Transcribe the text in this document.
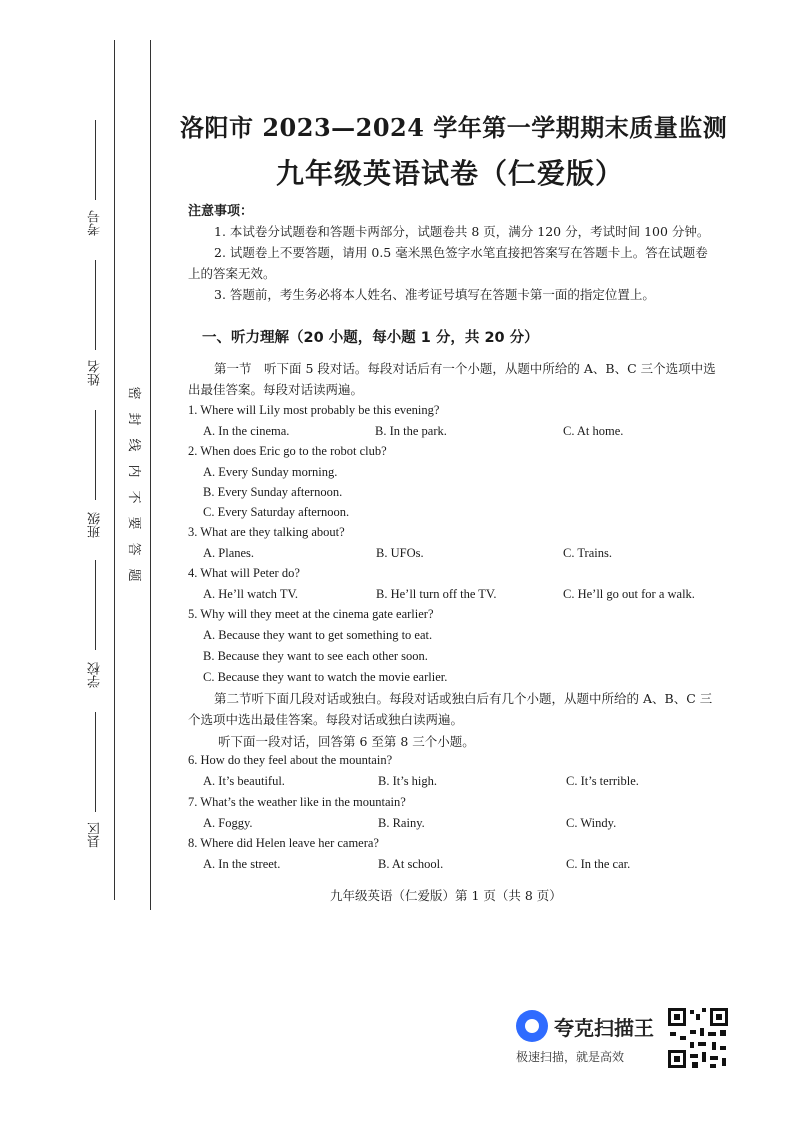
考号
姓名
班级
学校
县区
题
答
要
不
内
线
封
密
洛阳市 2023—2024 学年第一学期期末质量监测
九年级英语试卷（仁爱版）
注意事项：
1. 本试卷分试题卷和答题卡两部分，试题卷共 8 页，满分 120 分，考试时间 100 分钟。
2. 试题卷上不要答题，请用 0.5 毫米黑色签字水笔直接把答案写在答题卡上。答在试题卷上的答案无效。
3. 答题前，考生务必将本人姓名、准考证号填写在答题卡第一面的指定位置上。
一、听力理解（20 小题，每小题 1 分，共 20 分）
第一节　听下面 5 段对话。每段对话后有一个小题，从题中所给的 A、B、C 三个选项中选出最佳答案。每段对话读两遍。
1. Where will Lily most probably be this evening?
A. In the cinema.	B. In the park.	C. At home.
2. When does Eric go to the robot club?
A. Every Sunday morning.
B. Every Sunday afternoon.
C. Every Saturday afternoon.
3. What are they talking about?
A. Planes.	B. UFOs.	C. Trains.
4. What will Peter do?
A. He’ll watch TV.	B. He’ll turn off the TV.	C. He’ll go out for a walk.
5. Why will they meet at the cinema gate earlier?
A. Because they want to get something to eat.
B. Because they want to see each other soon.
C. Because they want to watch the movie earlier.
第二节听下面几段对话或独白。每段对话或独白后有几个小题，从题中所给的 A、B、C 三个选项中选出最佳答案。每段对话或独白读两遍。
听下面一段对话，回答第 6 至第 8 三个小题。
6. How do they feel about the mountain?
A. It’s beautiful.	B. It’s high.	C. It’s terrible.
7. What’s the weather like in the mountain?
A. Foggy.	B. Rainy.	C. Windy.
8. Where did Helen leave her camera?
A. In the street.	B. At school.	C. In the car.
九年级英语（仁爱版）第 1 页（共 8 页）
夸克扫描王
极速扫描，就是高效
